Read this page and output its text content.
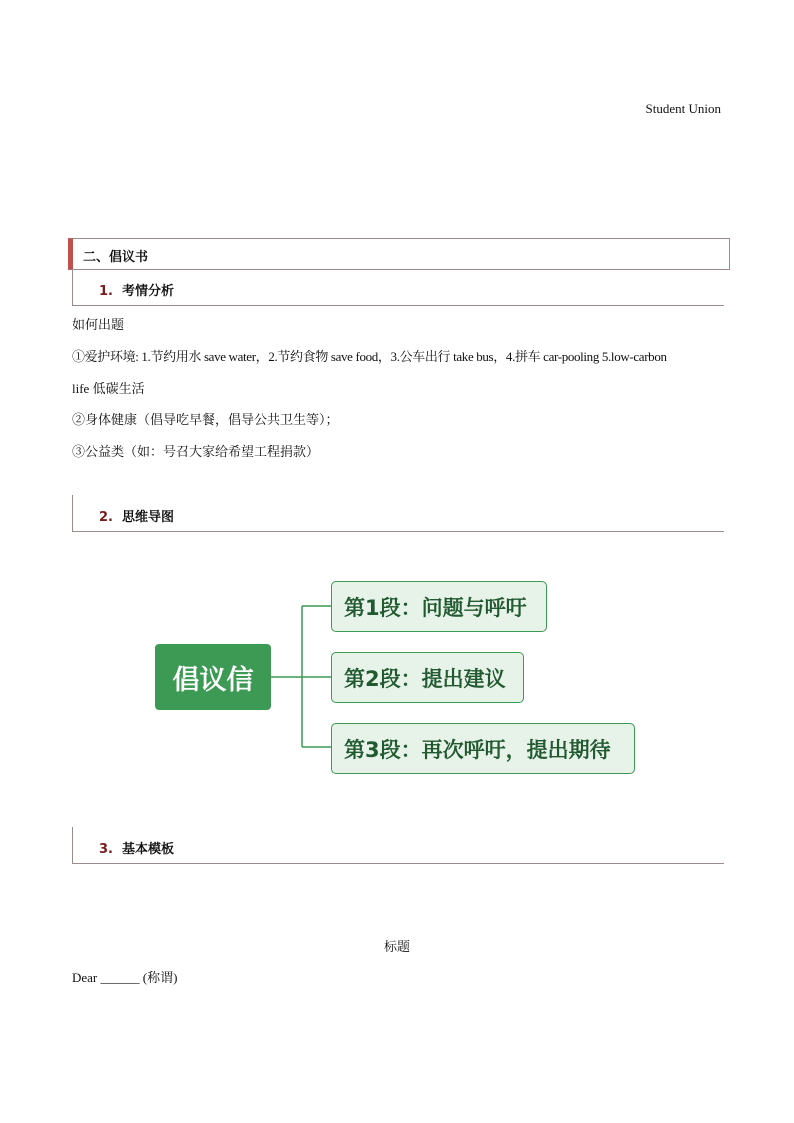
Student Union
二、倡议书
1. 考情分析
如何出题
①爱护环境: 1.节约用水 save water，2.节约食物 save food，3.公车出行 take bus，4.拼车 car-pooling 5.low-carbon
life 低碳生活
②身体健康（倡导吃早餐，倡导公共卫生等）；
③公益类（如：号召大家给希望工程捐款）
2. 思维导图
倡议信
第1段：问题与呼吁
第2段：提出建议
第3段：再次呼吁，提出期待
3. 基本模板
标题
Dear ______ (称谓)
